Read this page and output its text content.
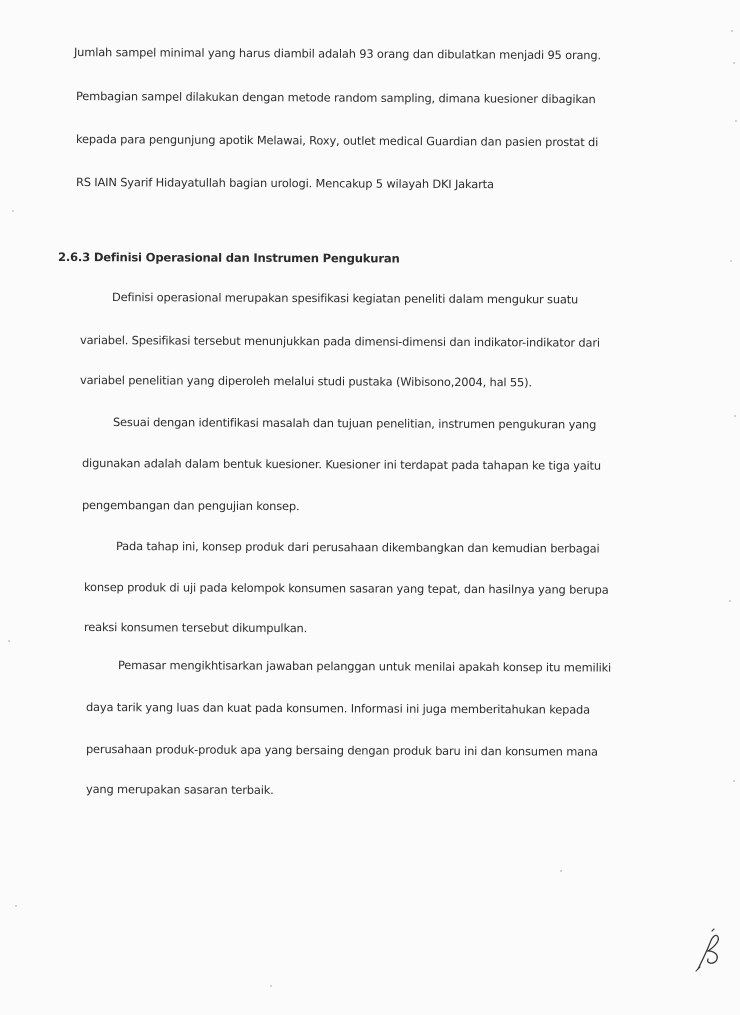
Jumlah sampel minimal yang harus diambil adalah 93 orang dan dibulatkan menjadi 95 orang.
Pembagian sampel dilakukan dengan metode random sampling, dimana kuesioner dibagikan
kepada para pengunjung apotik Melawai, Roxy, outlet medical Guardian dan pasien prostat di
RS IAIN Syarif Hidayatullah bagian urologi. Mencakup 5 wilayah DKI Jakarta
2.6.3 Definisi Operasional dan Instrumen Pengukuran
Definisi operasional merupakan spesifikasi kegiatan peneliti dalam mengukur suatu
variabel. Spesifikasi tersebut menunjukkan pada dimensi-dimensi dan indikator-indikator dari
variabel penelitian yang diperoleh melalui studi pustaka (Wibisono,2004, hal 55).
Sesuai dengan identifikasi masalah dan tujuan penelitian, instrumen pengukuran yang
digunakan adalah dalam bentuk kuesioner. Kuesioner ini terdapat pada tahapan ke tiga yaitu
pengembangan dan pengujian konsep.
Pada tahap ini, konsep produk dari perusahaan dikembangkan dan kemudian berbagai
konsep produk di uji pada kelompok konsumen sasaran yang tepat, dan hasilnya yang berupa
reaksi konsumen tersebut dikumpulkan.
Pemasar mengikhtisarkan jawaban pelanggan untuk menilai apakah konsep itu memiliki
daya tarik yang luas dan kuat pada konsumen. Informasi ini juga memberitahukan kepada
perusahaan produk-produk apa yang bersaing dengan produk baru ini dan konsumen mana
yang merupakan sasaran terbaik.
